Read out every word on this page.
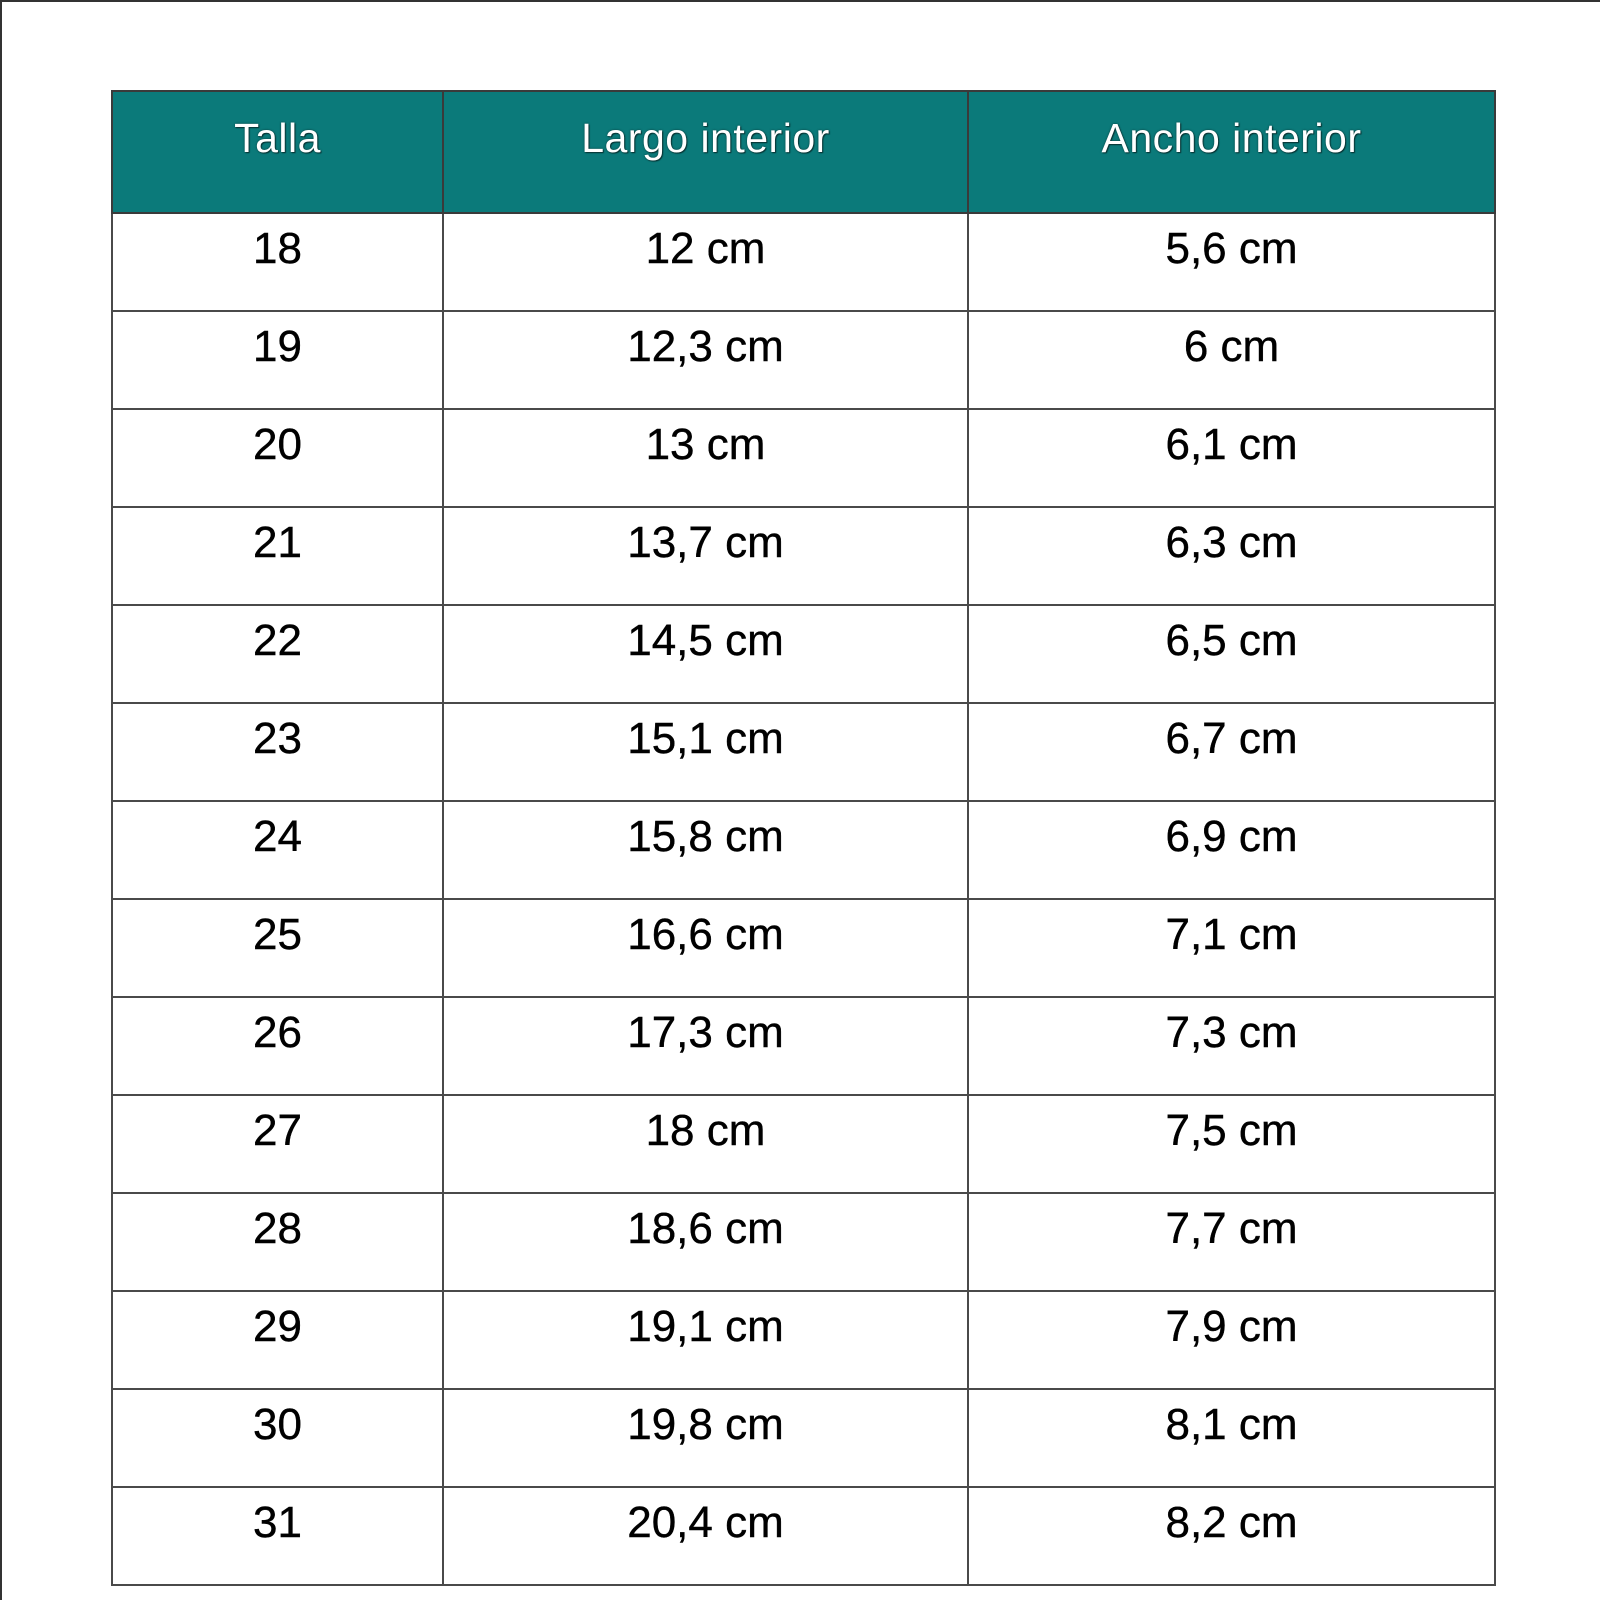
Talla	Largo interior	Ancho interior
18	12 cm	5,6 cm
19	12,3 cm	6 cm
20	13 cm	6,1 cm
21	13,7 cm	6,3 cm
22	14,5 cm	6,5 cm
23	15,1 cm	6,7 cm
24	15,8 cm	6,9 cm
25	16,6 cm	7,1 cm
26	17,3 cm	7,3 cm
27	18 cm	7,5 cm
28	18,6 cm	7,7 cm
29	19,1 cm	7,9 cm
30	19,8 cm	8,1 cm
31	20,4 cm	8,2 cm
